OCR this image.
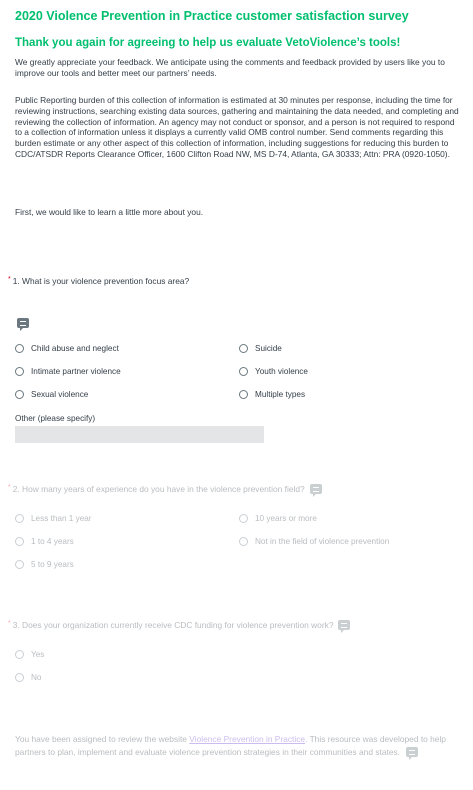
2020 Violence Prevention in Practice customer satisfaction survey
Thank you again for agreeing to help us evaluate VetoViolence’s tools!

We greatly appreciate your feedback. We anticipate using the comments and feedback provided by users like you to improve our tools and better meet our partners’ needs.

Public Reporting burden of this collection of information is estimated at 30 minutes per response, including the time for reviewing instructions, searching existing data sources, gathering and maintaining the data needed, and completing and reviewing the collection of information. An agency may not conduct or sponsor, and a person is not required to respond to a collection of information unless it displays a currently valid OMB control number. Send comments regarding this burden estimate or any other aspect of this collection of information, including suggestions for reducing this burden to CDC/ATSDR Reports Clearance Officer, 1600 Clifton Road NW, MS D-74, Atlanta, GA 30333; Attn: PRA (0920-1050).

First, we would like to learn a little more about you.

* 1. What is your violence prevention focus area?
Child abuse and neglect	Suicide
Intimate partner violence	Youth violence
Sexual violence	Multiple types
Other (please specify)
* 2. How many years of experience do you have in the violence prevention field?
Less than 1 year	10 years or more
1 to 4 years	Not in the field of violence prevention
5 to 9 years
* 3. Does your organization currently receive CDC funding for violence prevention work?
Yes
No
You have been assigned to review the website Violence Prevention in Practice. This resource was developed to help partners to plan, implement and evaluate violence prevention strategies in their communities and states.
